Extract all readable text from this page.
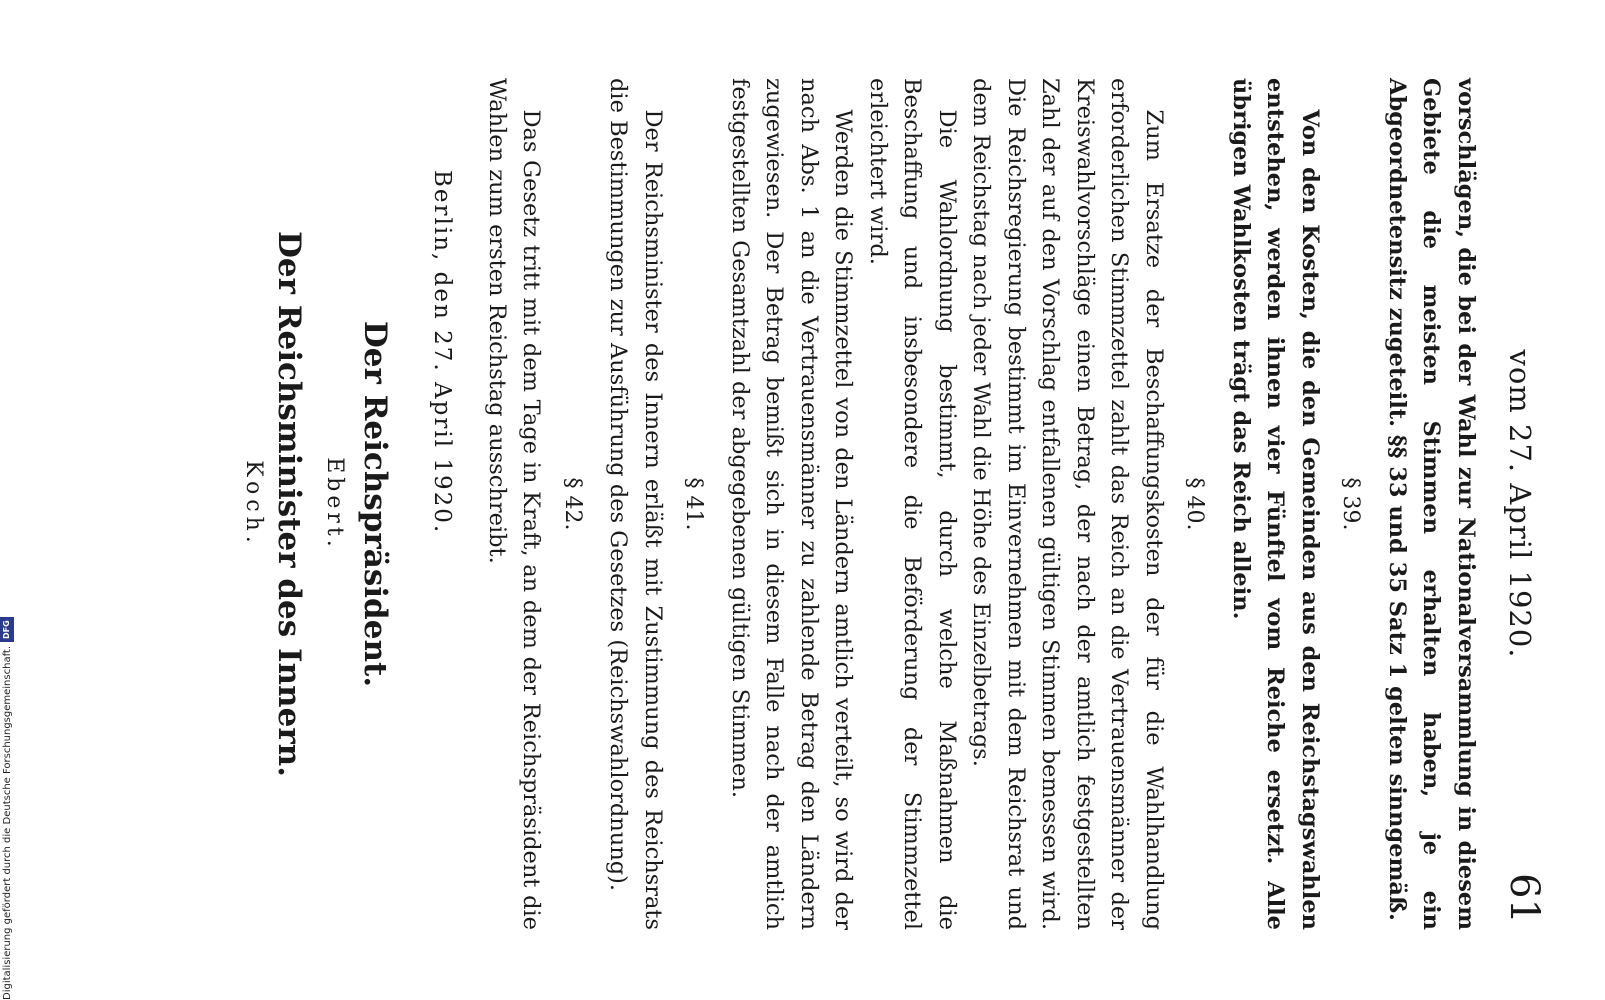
vom 27. April 1920.
61

vorschlägen, die bei der Wahl zur Nationalversammlung in diesem Gebiete die meisten Stimmen erhalten haben, je ein Abgeordnetensitz zugeteilt. §§ 33 und 35 Satz 1 gelten sinngemäß.

§ 39.

Von den Kosten, die den Gemeinden aus den Reichstagswahlen entstehen, werden ihnen vier Fünftel vom Reiche ersetzt. Alle übrigen Wahlkosten trägt das Reich allein.

§ 40.

Zum Ersatze der Beschaffungskosten der für die Wahlhandlung erforderlichen Stimmzettel zahlt das Reich an die Vertrauensmänner der Kreiswahlvorschläge einen Betrag, der nach der amtlich festgestellten Zahl der auf den Vorschlag entfallenen gültigen Stimmen bemessen wird. Die Reichsregierung bestimmt im Einvernehmen mit dem Reichsrat und dem Reichstag nach jeder Wahl die Höhe des Einzelbetrags.

Die Wahlordnung bestimmt, durch welche Maßnahmen die Beschaffung und insbesondere die Beförderung der Stimmzettel erleichtert wird.

Werden die Stimmzettel von den Ländern amtlich verteilt, so wird der nach Abs. 1 an die Vertrauensmänner zu zahlende Betrag den Ländern zugewiesen. Der Betrag bemißt sich in diesem Falle nach der amtlich festgestellten Gesamtzahl der abgegebenen gültigen Stimmen.

§ 41.

Der Reichsminister des Innern erläßt mit Zustimmung des Reichsrats die Bestimmungen zur Ausführung des Gesetzes (Reichswahlordnung).

§ 42.

Das Gesetz tritt mit dem Tage in Kraft, an dem der Reichspräsident die Wahlen zum ersten Reichstag ausschreibt.

Berlin, den 27. April 1920.
Der Reichspräsident.
Ebert.
Der Reichsminister des Innern.
Koch.
Digitalisierung gefördert durch die Deutsche Forschungsgemeinschaft.DFG
